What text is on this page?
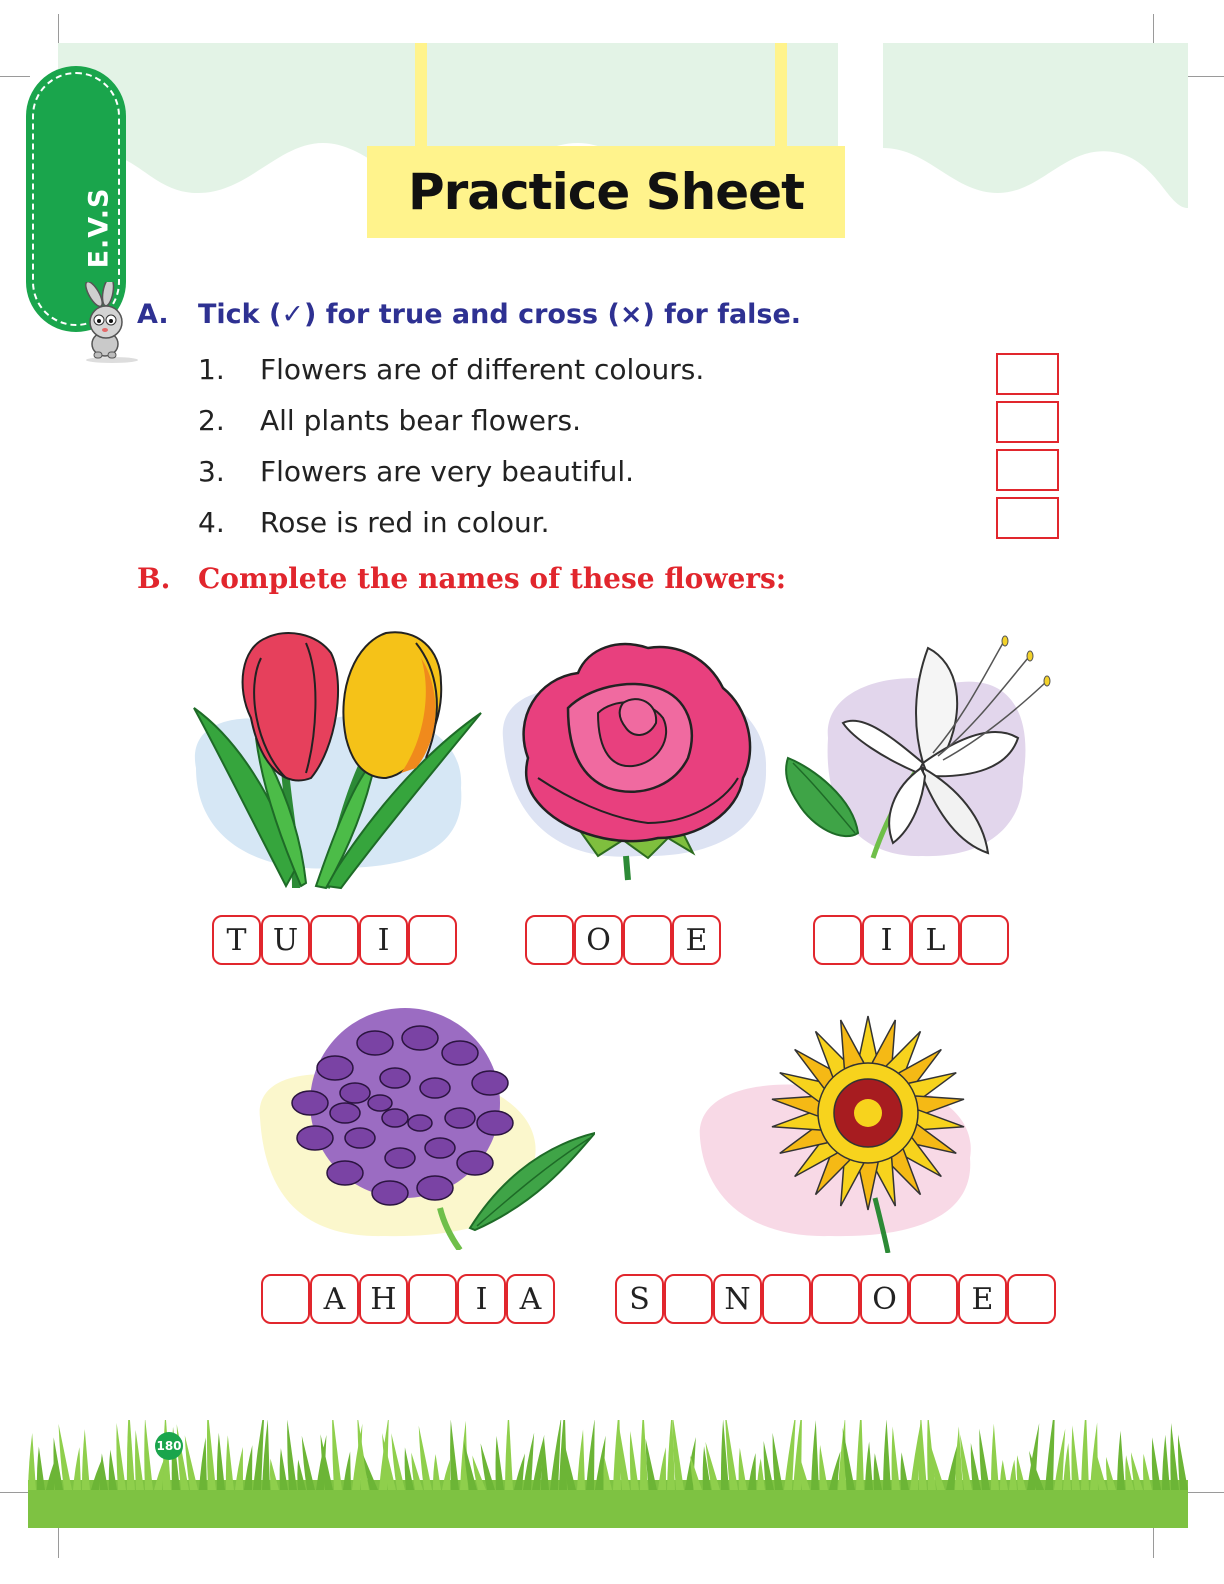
Practice Sheet
E.V.S
A. Tick (✓) for true and cross (×) for false.
1. Flowers are of different colours.
2. All plants bear flowers.
3. Flowers are very beautiful.
4. Rose is red in colour.
B. Complete the names of these flowers:
T U	I	O	E	I	L
A H	I	A	S	N	O	E
180
